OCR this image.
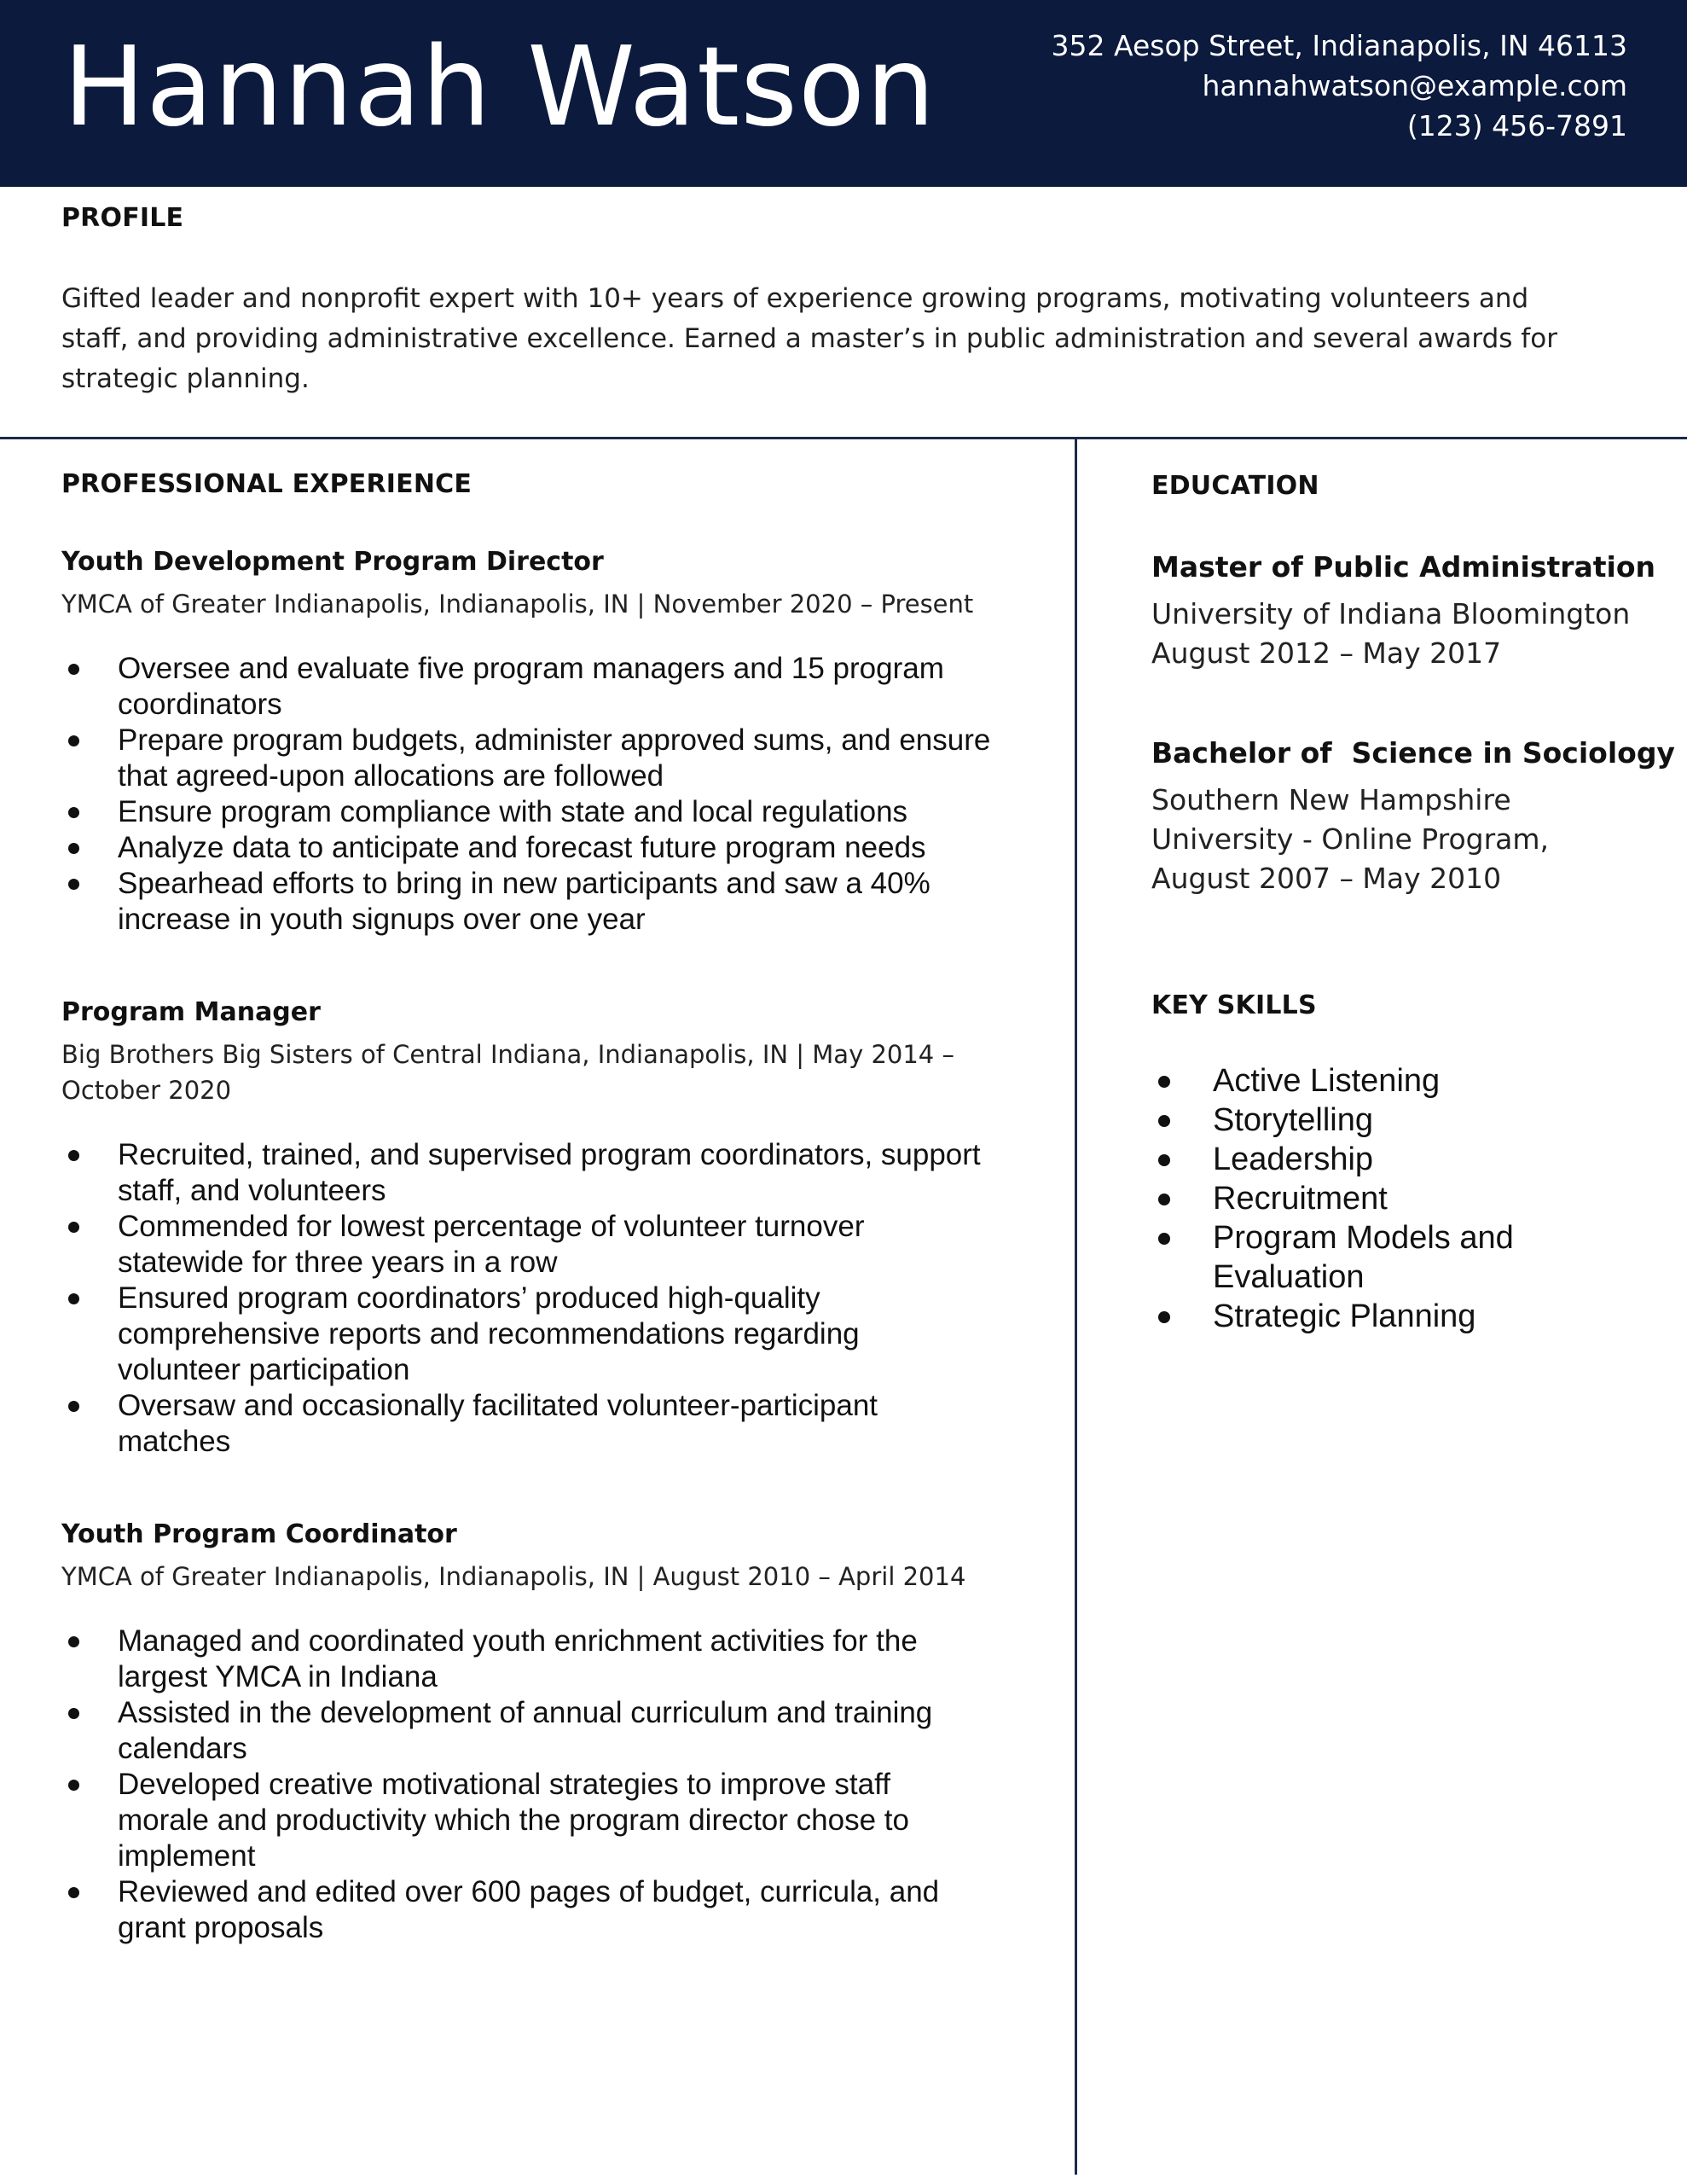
Hannah Watson	352 Aesop Street, Indianapolis, IN 46113
hannahwatson@example.com
(123) 456-7891
PROFILE
Gifted leader and nonprofit expert with 10+ years of experience growing programs, motivating volunteers and staff, and providing administrative excellence. Earned a master’s in public administration and several awards for strategic planning.
PROFESSIONAL EXPERIENCE
Youth Development Program Director
YMCA of Greater Indianapolis, Indianapolis, IN | November 2020 – Present
Oversee and evaluate five program managers and 15 program coordinators
Prepare program budgets, administer approved sums, and ensure that agreed-upon allocations are followed
Ensure program compliance with state and local regulations
Analyze data to anticipate and forecast future program needs
Spearhead efforts to bring in new participants and saw a 40% increase in youth signups over one year
Program Manager
Big Brothers Big Sisters of Central Indiana, Indianapolis, IN | May 2014 – October 2020
Recruited, trained, and supervised program coordinators, support staff, and volunteers
Commended for lowest percentage of volunteer turnover statewide for three years in a row
Ensured program coordinators’ produced high-quality comprehensive reports and recommendations regarding volunteer participation
Oversaw and occasionally facilitated volunteer-participant matches
Youth Program Coordinator
YMCA of Greater Indianapolis, Indianapolis, IN | August 2010 – April 2014
Managed and coordinated youth enrichment activities for the largest YMCA in Indiana
Assisted in the development of annual curriculum and training calendars
Developed creative motivational strategies to improve staff morale and productivity which the program director chose to implement
Reviewed and edited over 600 pages of budget, curricula, and grant proposals
EDUCATION
Master of Public Administration
University of Indiana Bloomington
August 2012 – May 2017
Bachelor of  Science in Sociology
Southern New Hampshire
University - Online Program,
August 2007 – May 2010
KEY SKILLS
Active Listening
Storytelling
Leadership
Recruitment
Program Models and Evaluation
Strategic Planning
